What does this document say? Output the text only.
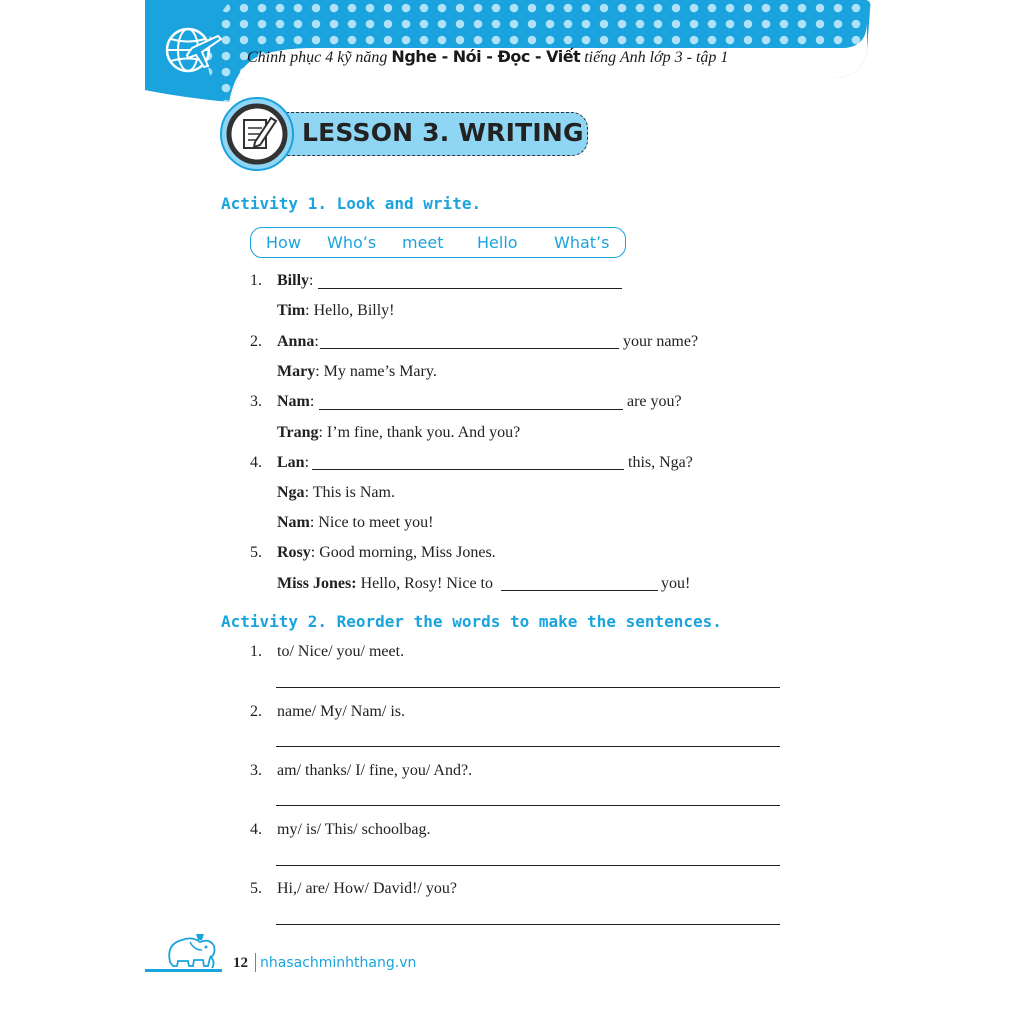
Chinh phục 4 kỹ năng Nghe - Nói - Đọc - Viết tiếng Anh lớp 3 - tập 1
LESSON 3. WRITING
Activity 1. Look and write.
How Who’s meet Hello What’s
1. Billy:
Tim: Hello, Billy!
2. Anna:	your name?
Mary: My name’s Mary.
3. Nam:	are you?
Trang: I’m fine, thank you. And you?
4. Lan:	this, Nga?
Nga: This is Nam.
Nam: Nice to meet you!
5. Rosy: Good morning, Miss Jones.
Miss Jones: Hello, Rosy! Nice to	you!
Activity 2. Reorder the words to make the sentences.
1. to/ Nice/ you/ meet.
2. name/ My/ Nam/ is.
3. am/ thanks/ I/ fine, you/ And?.
4. my/ is/ This/ schoolbag.
5. Hi,/ are/ How/ David!/ you?
12 nhasachminhthang.vn
